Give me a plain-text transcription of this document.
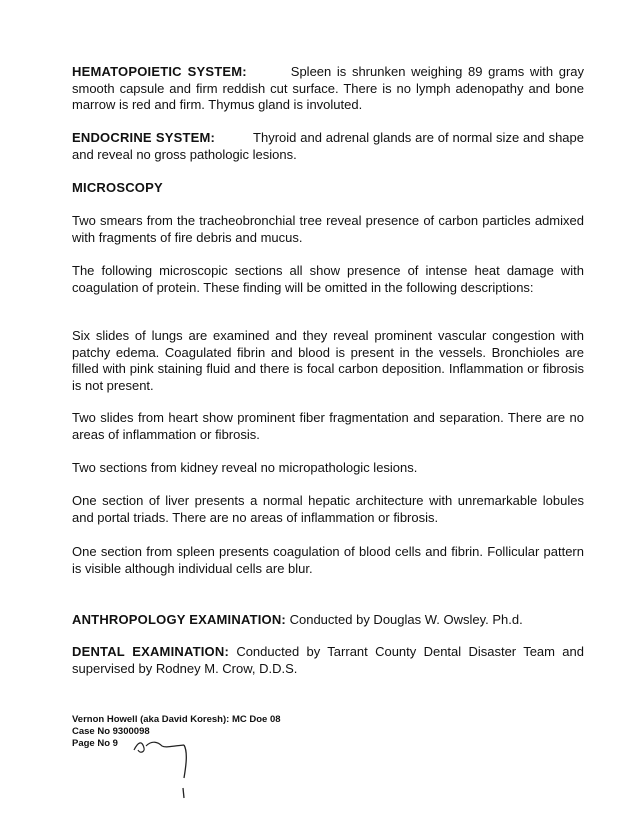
HEMATOPOIETIC SYSTEM:	Spleen is shrunken weighing 89 grams with gray smooth capsule and firm reddish cut surface. There is no lymph adenopathy and bone marrow is red and firm. Thymus gland is involuted.
ENDOCRINE SYSTEM:	Thyroid and adrenal glands are of normal size and shape and reveal no gross pathologic lesions.
MICROSCOPY
Two smears from the tracheobronchial tree reveal presence of carbon particles admixed with fragments of fire debris and mucus.
The following microscopic sections all show presence of intense heat damage with coagulation of protein. These finding will be omitted in the following descriptions:
Six slides of lungs are examined and they reveal prominent vascular congestion with patchy edema. Coagulated fibrin and blood is present in the vessels. Bronchioles are filled with pink staining fluid and there is focal carbon deposition. Inflammation or fibrosis is not present.
Two slides from heart show prominent fiber fragmentation and separation. There are no areas of inflammation or fibrosis.
Two sections from kidney reveal no micropathologic lesions.
One section of liver presents a normal hepatic architecture with unremarkable lobules and portal triads. There are no areas of inflammation or fibrosis.
One section from spleen presents coagulation of blood cells and fibrin. Follicular pattern is visible although individual cells are blur.
ANTHROPOLOGY EXAMINATION: Conducted by Douglas W. Owsley. Ph.d.
DENTAL EXAMINATION: Conducted by Tarrant County Dental Disaster Team and supervised by Rodney M. Crow, D.D.S.
Vernon Howell (aka David Koresh): MC Doe 08
Case No 9300098
Page No 9
